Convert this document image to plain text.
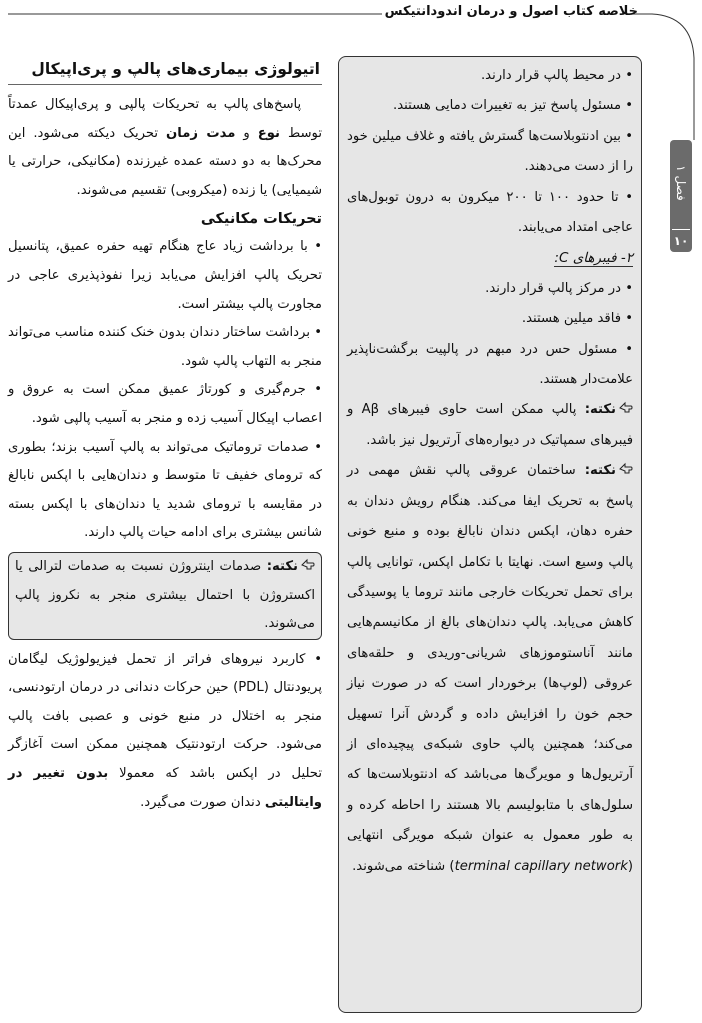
خلاصه کتاب اصول و درمان اندودانتیکس
فصل ۱
۱۰
اتیولوژی بیماری‌های پالپ و پری‌اپیکال

پاسخ‌های پالپ به تحریکات پالپی و پری‌اپیکال عمدتاً توسط نوع و مدت زمان تحریک دیکته می‌شود. این محرک‌ها به دو دسته عمده غیرزنده (مکانیکی، حرارتی یا شیمیایی) یا زنده (میکروبی) تقسیم می‌شوند.

تحریکات مکانیکی

• با برداشت زیاد عاج هنگام تهیه حفره عمیق، پتانسیل تحریک پالپ افزایش می‌یابد زیرا نفوذپذیری عاجی در مجاورت پالپ بیشتر است.

• برداشت ساختار دندان بدون خنک کننده مناسب می‌تواند منجر به التهاب پالپ شود.

• جرم‌گیری و کورتاژ عمیق ممکن است به عروق و اعصاب اپیکال آسیب زده و منجر به آسیب پالپی شود.

• صدمات تروماتیک می‌تواند به پالپ آسیب بزند؛ بطوری که ترومای خفیف تا متوسط و دندان‌هایی با اپکس نابالغ در مقایسه با ترومای شدید یا دندان‌های با اپکس بسته شانس بیشتری برای ادامه حیات پالپ دارند.

نکته: صدمات اینتروژن نسبت به صدمات لترالی یا اکستروژن با احتمال بیشتری منجر به نکروز پالپ می‌شوند.

• کاربرد نیروهای فراتر از تحمل فیزیولوژیک لیگامان پریودنتال (PDL) حین حرکات دندانی در درمان ارتودنسی، منجر به اختلال در منبع خونی و عصبی بافت پالپ می‌شود. حرکت ارتودنتیک همچنین ممکن است آغازگر تحلیل در اپکس باشد که معمولا بدون تغییر در وایتالیتی دندان صورت می‌گیرد.

• در محیط پالپ قرار دارند.

• مسئول پاسخ تیز به تغییرات دمایی هستند.

• بین ادنتوبلاست‌ها گسترش یافته و غلاف میلین خود را از دست می‌دهند.

• تا حدود ۱۰۰ تا ۲۰۰ میکرون به درون توبول‌های عاجی امتداد می‌یابند.

۲- فیبرهای C:

• در مرکز پالپ قرار دارند.

• فاقد میلین هستند.

• مسئول حس درد مبهم در پالپیت برگشت‌ناپذیر علامت‌دار هستند.

نکته: پالپ ممکن است حاوی فیبرهای Aβ و فیبرهای سمپاتیک در دیواره‌های آرتریول نیز باشد.

نکته: ساختمان عروقی پالپ نقش مهمی در پاسخ به تحریک ایفا می‌کند. هنگام رویش دندان به حفره دهان، اپکس دندان نابالغ بوده و منبع خونی پالپ وسیع است. نهایتا با تکامل اپکس، توانایی پالپ برای تحمل تحریکات خارجی مانند تروما یا پوسیدگی کاهش می‌یابد. پالپ دندان‌های بالغ از مکانیسم‌هایی مانند آناستوموزهای شریانی-وریدی و حلقه‌های عروقی (لوپ‌ها) برخوردار است که در صورت نیاز حجم خون را افزایش داده و گردش آنرا تسهیل می‌کند؛ همچنین پالپ حاوی شبکه‌ی پیچیده‌ای از آرتریول‌ها و مویرگ‌ها می‌باشد که ادنتوبلاست‌ها که سلول‌های با متابولیسم بالا هستند را احاطه کرده و به طور معمول به عنوان شبکه مویرگی انتهایی (terminal capillary network) شناخته می‌شوند.
